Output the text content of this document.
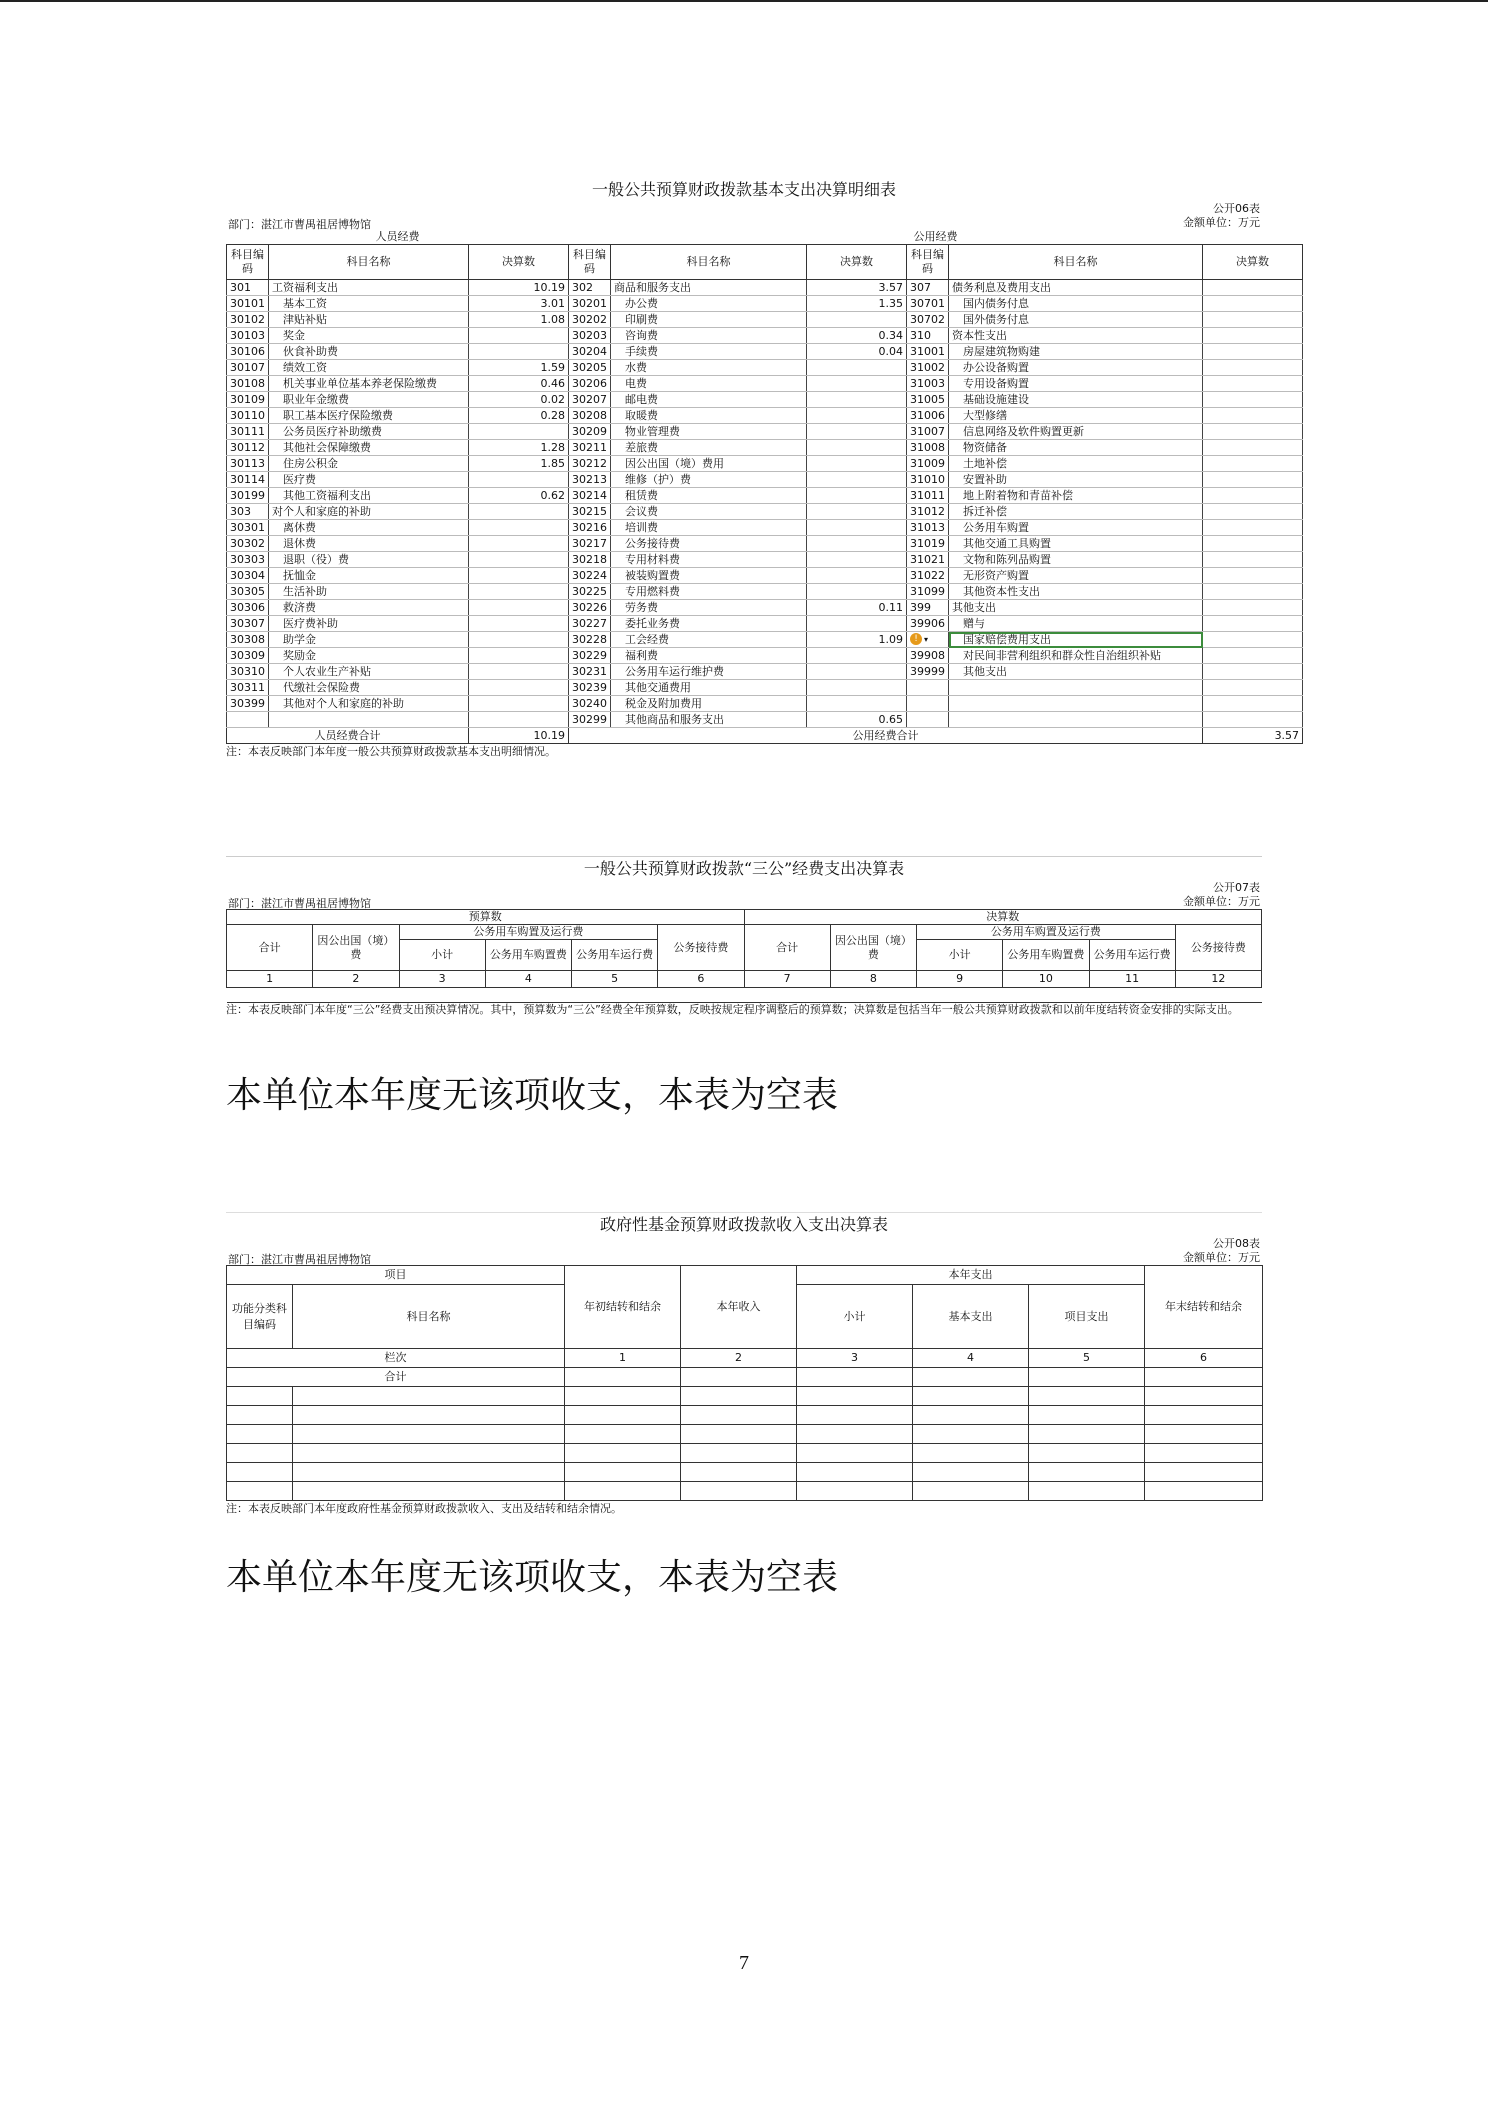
一般公共预算财政拨款基本支出决算明细表
公开06表
部门：湛江市曹禺祖居博物馆	金额单位：万元
人员经费			公用经费					
科目编码	科目名称	决算数	科目编码	科目名称	决算数	科目编码	科目名称	决算数
301	工资福利支出	10.19	302	商品和服务支出	3.57	307	债务利息及费用支出	
30101	基本工资	3.01	30201	办公费	1.35	30701	国内债务付息	
30102	津贴补贴	1.08	30202	印刷费		30702	国外债务付息	
30103	奖金		30203	咨询费	0.34	310	资本性支出	
30106	伙食补助费		30204	手续费	0.04	31001	房屋建筑物购建	
30107	绩效工资	1.59	30205	水费		31002	办公设备购置	
30108	机关事业单位基本养老保险缴费	0.46	30206	电费		31003	专用设备购置	
30109	职业年金缴费	0.02	30207	邮电费		31005	基础设施建设	
30110	职工基本医疗保险缴费	0.28	30208	取暖费		31006	大型修缮	
30111	公务员医疗补助缴费		30209	物业管理费		31007	信息网络及软件购置更新	
30112	其他社会保障缴费	1.28	30211	差旅费		31008	物资储备	
30113	住房公积金	1.85	30212	因公出国（境）费用		31009	土地补偿	
30114	医疗费		30213	维修（护）费		31010	安置补助	
30199	其他工资福利支出	0.62	30214	租赁费		31011	地上附着物和青苗补偿	
303	对个人和家庭的补助		30215	会议费		31012	拆迁补偿	
30301	离休费		30216	培训费		31013	公务用车购置	
30302	退休费		30217	公务接待费		31019	其他交通工具购置	
30303	退职（役）费		30218	专用材料费		31021	文物和陈列品购置	
30304	抚恤金		30224	被装购置费		31022	无形资产购置	
30305	生活补助		30225	专用燃料费		31099	其他资本性支出	
30306	救济费		30226	劳务费	0.11	399	其他支出	
30307	医疗费补助		30227	委托业务费		39906	赠与	
30308	助学金		30228	工会经费	1.09	! ▾	国家赔偿费用支出	
30309	奖励金		30229	福利费		39908	对民间非营利组织和群众性自治组织补贴	
30310	个人农业生产补贴		30231	公务用车运行维护费		39999	其他支出	
30311	代缴社会保险费		30239	其他交通费用				
30399	其他对个人和家庭的补助		30240	税金及附加费用				
			30299	其他商品和服务支出	0.65			
人员经费合计		10.19	公用经费合计					3.57
注：本表反映部门本年度一般公共预算财政拨款基本支出明细情况。
一般公共预算财政拨款“三公”经费支出决算表
公开07表
部门：湛江市曹禺祖居博物馆	金额单位：万元
预算数						决算数					
合计	因公出国（境）费	公务用车购置及运行费			公务接待费	合计	因公出国（境）费	公务用车购置及运行费			公务接待费
		小计	公务用车购置费	公务用车运行费				小计	公务用车购置费	公务用车运行费	
1	2	3	4	5	6	7	8	9	10	11	12

注：本表反映部门本年度“三公”经费支出预决算情况。其中，预算数为“三公”经费全年预算数，反映按规定程序调整后的预算数；决算数是包括当年一般公共预算财政拨款和以前年度结转资金安排的实际支出。
本单位本年度无该项收支，本表为空表
政府性基金预算财政拨款收入支出决算表
公开08表
部门：湛江市曹禺祖居博物馆	金额单位：万元
项目		年初结转和结余	本年收入	本年支出			年末结转和结余
功能分类科目编码	科目名称			小计	基本支出	项目支出	
栏次		1	2	3	4	5	6
合计							

注：本表反映部门本年度政府性基金预算财政拨款收入、支出及结转和结余情况。
本单位本年度无该项收支，本表为空表
7
